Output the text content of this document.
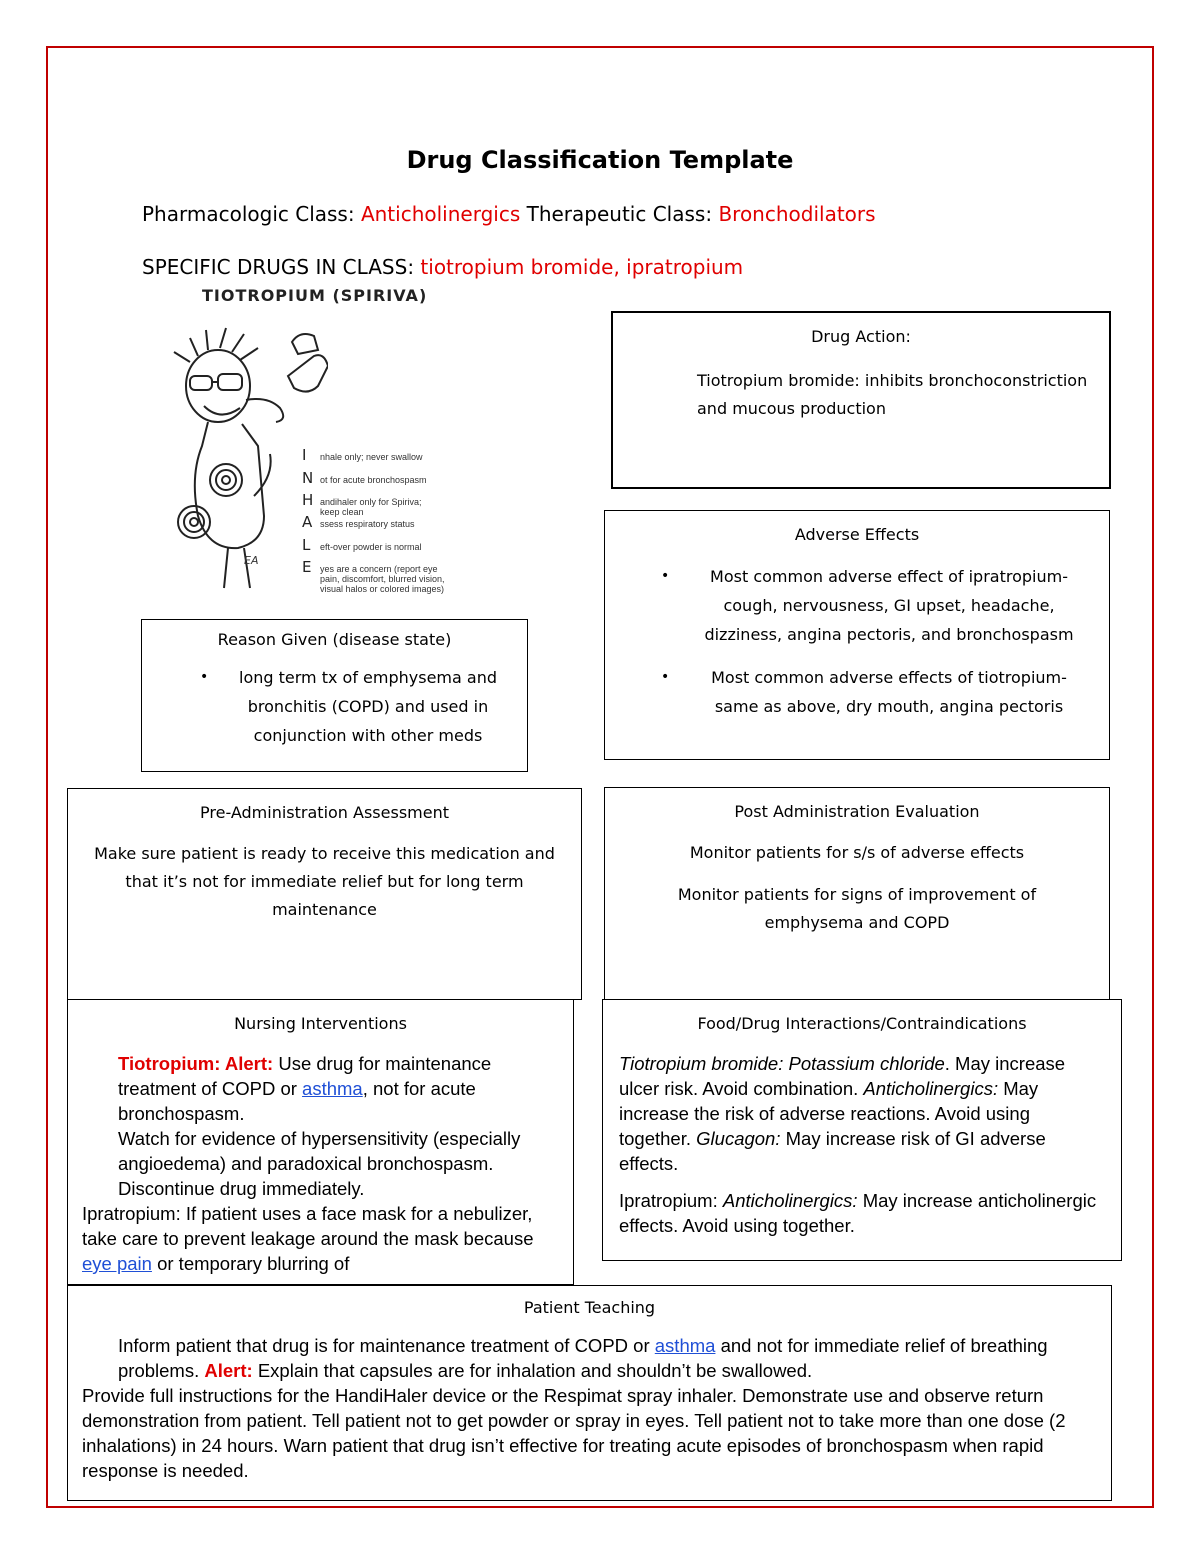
Drug Classification Template
Pharmacologic Class: Anticholinergics Therapeutic Class: Bronchodilators
SPECIFIC DRUGS IN CLASS: tiotropium bromide, ipratropium
TIOTROPIUM (SPIRIVA)
EA
I nhale only; never swallow
N ot for acute bronchospasm
H andihaler only for Spiriva; keep clean
A ssess respiratory status
L eft-over powder is normal
E yes are a concern (report eye pain, discomfort, blurred vision, visual halos or colored images)
Drug Action:
Tiotropium bromide: inhibits bronchoconstriction and mucous production
Adverse Effects
•	Most common adverse effect of ipratropium- cough, nervousness, GI upset, headache, dizziness, angina pectoris, and bronchospasm
•	Most common adverse effects of tiotropium- same as above, dry mouth, angina pectoris
Reason Given (disease state)
• long term tx of emphysema and bronchitis (COPD) and used in conjunction with other meds
Pre-Administration Assessment
Make sure patient is ready to receive this medication and that it’s not for immediate relief but for long term maintenance
Post Administration Evaluation
Monitor patients for s/s of adverse effects
Monitor patients for signs of improvement of emphysema and COPD
Nursing Interventions
Tiotropium: Alert: Use drug for maintenance treatment of COPD or asthma, not for acute bronchospasm.
Watch for evidence of hypersensitivity (especially angioedema) and paradoxical bronchospasm. Discontinue drug immediately.
Ipratropium: If patient uses a face mask for a nebulizer, take care to prevent leakage around the mask because eye pain or temporary blurring of
Food/Drug Interactions/Contraindications
Tiotropium bromide: Potassium chloride. May increase ulcer risk. Avoid combination. Anticholinergics: May increase the risk of adverse reactions. Avoid using together. Glucagon: May increase risk of GI adverse effects.
Ipratropium: Anticholinergics: May increase anticholinergic effects. Avoid using together.
Patient Teaching
Inform patient that drug is for maintenance treatment of COPD or asthma and not for immediate relief of breathing problems. Alert: Explain that capsules are for inhalation and shouldn’t be swallowed.
Provide full instructions for the HandiHaler device or the Respimat spray inhaler. Demonstrate use and observe return demonstration from patient. Tell patient not to get powder or spray in eyes. Tell patient not to take more than one dose (2 inhalations) in 24 hours. Warn patient that drug isn’t effective for treating acute episodes of bronchospasm when rapid response is needed.
